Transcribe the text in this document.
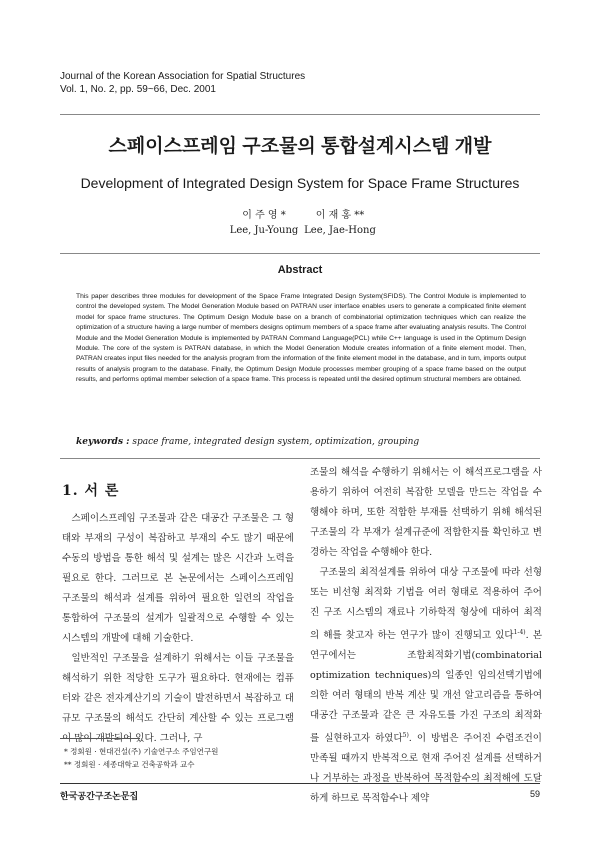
Journal of the Korean Association for Spatial Structures
Vol. 1, No. 2, pp. 59~66, Dec. 2001
스페이스프레임 구조물의 통합설계시스템 개발
Development of Integrated Design System for Space Frame Structures
이 주 영 *
Lee, Ju-Young
이 재 홍 **
Lee, Jae-Hong
Abstract
This paper describes three modules for development of the Space Frame Integrated Design System(SFIDS). The Control Module is implemented to control the developed system. The Model Generation Module based on PATRAN user interface enables users to generate a complicated finite element model for space frame structures. The Optimum Design Module base on a branch of combinatorial optimization techniques which can realize the optimization of a structure having a large number of members designs optimum members of a space frame after evaluating analysis results. The Control Module and the Model Generation Module is implemented by PATRAN Command Language(PCL) while C++ language is used in the Optimum Design Module. The core of the system is PATRAN database, in which the Model Generation Module creates information of a finite element model. Then, PATRAN creates input files needed for the analysis program from the information of the finite element model in the database, and in turn, imports output results of analysis program to the database. Finally, the Optimum Design Module processes member grouping of a space frame based on the output results, and performs optimal member selection of a space frame. This process is repeated until the desired optimum structural members are obtained.
keywords : space frame, integrated design system, optimization, grouping
1. 서 론

스페이스프레임 구조물과 같은 대공간 구조물은 그 형태와 부재의 구성이 복잡하고 부재의 수도 많기 때문에 수동의 방법을 통한 해석 및 설계는 많은 시간과 노력을 필요로 한다. 그러므로 본 논문에서는 스페이스프레임 구조물의 해석과 설계를 위하여 필요한 일련의 작업을 통합하여 구조물의 설계가 일괄적으로 수행할 수 있는 시스템의 개발에 대해 기술한다.

일반적인 구조물을 설계하기 위해서는 이들 구조물을 해석하기 위한 적당한 도구가 필요하다. 현재에는 컴퓨터와 같은 전자계산기의 기술이 발전하면서 복잡하고 대규모 구조물의 해석도 간단히 계산할 수 있는 프로그램이 많이 개발되어 있다. 그러나, 구

조물의 해석을 수행하기 위해서는 이 해석프로그램을 사용하기 위하여 여전히 복잡한 모델을 만드는 작업을 수행해야 하며, 또한 적합한 부재를 선택하기 위해 해석된 구조물의 각 부재가 설계규준에 적합한지를 확인하고 변경하는 작업을 수행해야 한다.

구조물의 최적설계를 위하여 대상 구조물에 따라 선형 또는 비선형 최적화 기법을 여러 형태로 적용하여 주어진 구조 시스템의 재료나 기하학적 형상에 대하여 최적의 해를 찾고자 하는 연구가 많이 진행되고 있다$^{1-4)}$. 본 연구에서는 조합최적화기법(combinatorial optimization techniques)의 일종인 임의선택기법에 의한 여러 형태의 반복 계산 및 개선 알고리즘을 통하여 대공간 구조물과 같은 큰 자유도를 가진 구조의 최적화를 실현하고자 하였다$^{5)}$. 이 방법은 주어진 수렴조건이 만족될 때까지 반복적으로 현재 주어진 설계를 선택하거나 거부하는 과정을 반복하여 목적함수의 최적해에 도달하게 하므로 목적함수나 제약

* 정회원 · 현대건설(주) 기술연구소 주임연구원
** 정회원 · 세종대학교 건축공학과 교수
한국공간구조논문집	59
